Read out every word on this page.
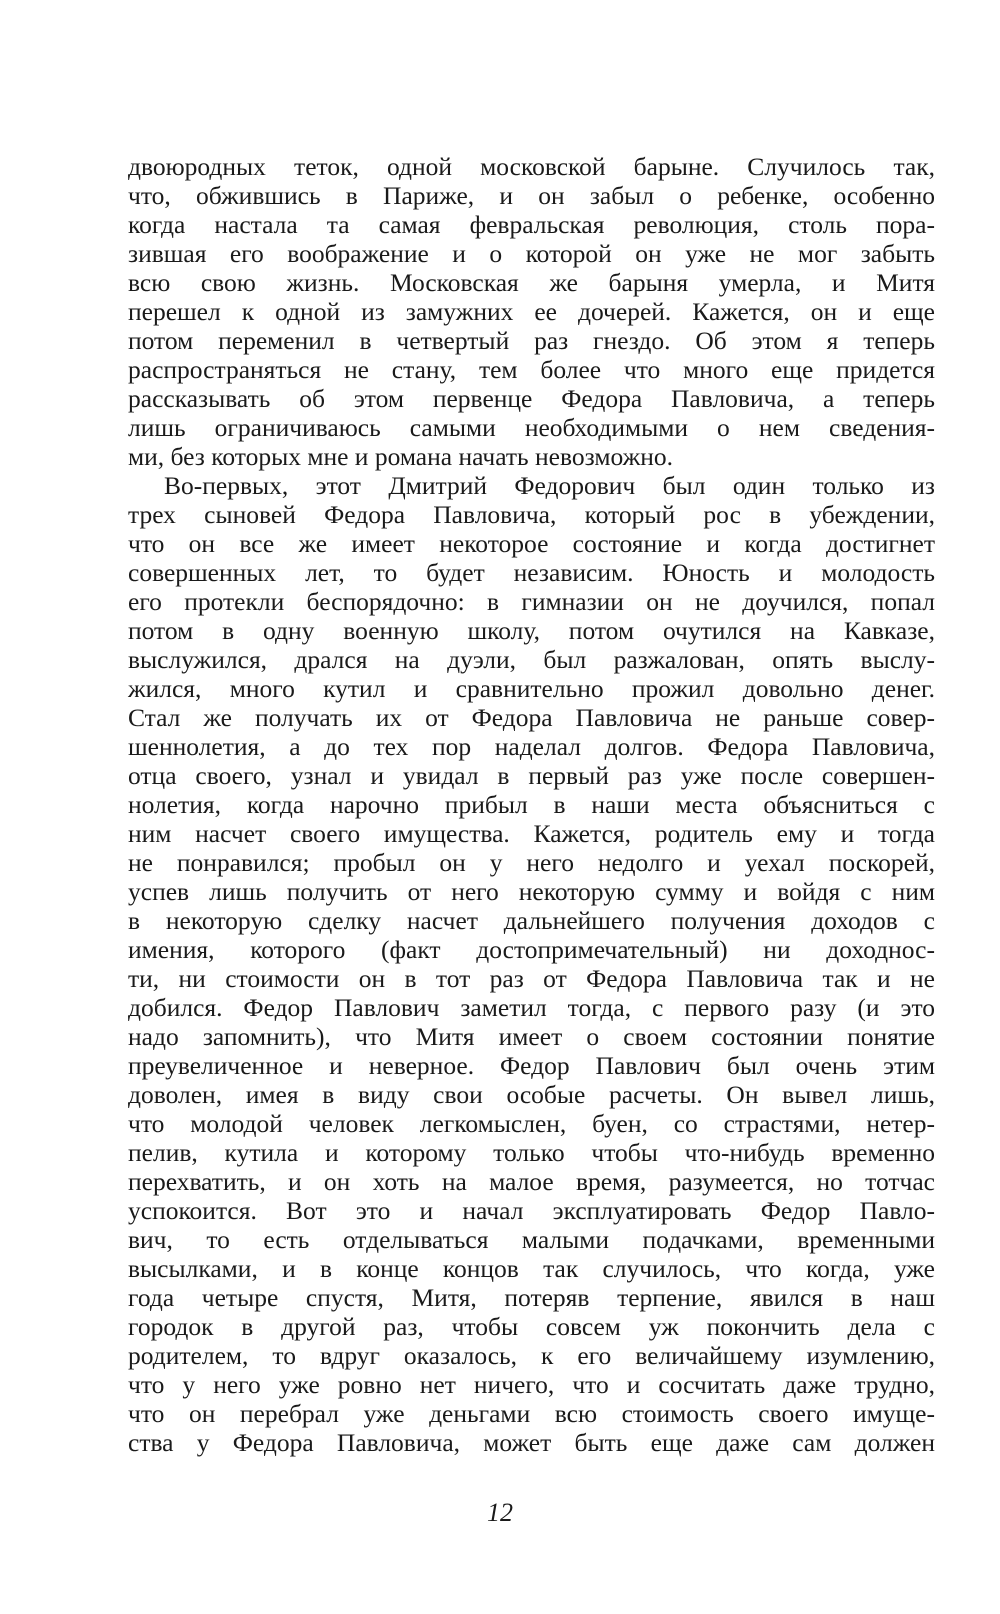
двоюродных теток, одной московской барыне. Случилось так,
что, обжившись в Париже, и он забыл о ребенке, особенно
когда настала та самая февральская революция, столь пора-
зившая его воображение и о которой он уже не мог забыть
всю свою жизнь. Московская же барыня умерла, и Митя
перешел к одной из замужних ее дочерей. Кажется, он и еще
потом переменил в четвертый раз гнездо. Об этом я теперь
распространяться не стану, тем более что много еще придется
рассказывать об этом первенце Федора Павловича, а теперь
лишь ограничиваюсь самыми необходимыми о нем сведения-
ми, без которых мне и романа начать невозможно.
Во-первых, этот Дмитрий Федорович был один только из
трех сыновей Федора Павловича, который рос в убеждении,
что он все же имеет некоторое состояние и когда достигнет
совершенных лет, то будет независим. Юность и молодость
его протекли беспорядочно: в гимназии он не доучился, попал
потом в одну военную школу, потом очутился на Кавказе,
выслужился, дрался на дуэли, был разжалован, опять выслу-
жился, много кутил и сравнительно прожил довольно денег.
Стал же получать их от Федора Павловича не раньше совер-
шеннолетия, а до тех пор наделал долгов. Федора Павловича,
отца своего, узнал и увидал в первый раз уже после совершен-
нолетия, когда нарочно прибыл в наши места объясниться с
ним насчет своего имущества. Кажется, родитель ему и тогда
не понравился; пробыл он у него недолго и уехал поскорей,
успев лишь получить от него некоторую сумму и войдя с ним
в некоторую сделку насчет дальнейшего получения доходов с
имения, которого (факт достопримечательный) ни доходнос-
ти, ни стоимости он в тот раз от Федора Павловича так и не
добился. Федор Павлович заметил тогда, с первого разу (и это
надо запомнить), что Митя имеет о своем состоянии понятие
преувеличенное и неверное. Федор Павлович был очень этим
доволен, имея в виду свои особые расчеты. Он вывел лишь,
что молодой человек легкомыслен, буен, со страстями, нетер-
пелив, кутила и которому только чтобы что-нибудь временно
перехватить, и он хоть на малое время, разумеется, но тотчас
успокоится. Вот это и начал эксплуатировать Федор Павло-
вич, то есть отделываться малыми подачками, временными
высылками, и в конце концов так случилось, что когда, уже
года четыре спустя, Митя, потеряв терпение, явился в наш
городок в другой раз, чтобы совсем уж покончить дела с
родителем, то вдруг оказалось, к его величайшему изумлению,
что у него уже ровно нет ничего, что и сосчитать даже трудно,
что он перебрал уже деньгами всю стоимость своего имуще-
ства у Федора Павловича, может быть еще даже сам должен
12
